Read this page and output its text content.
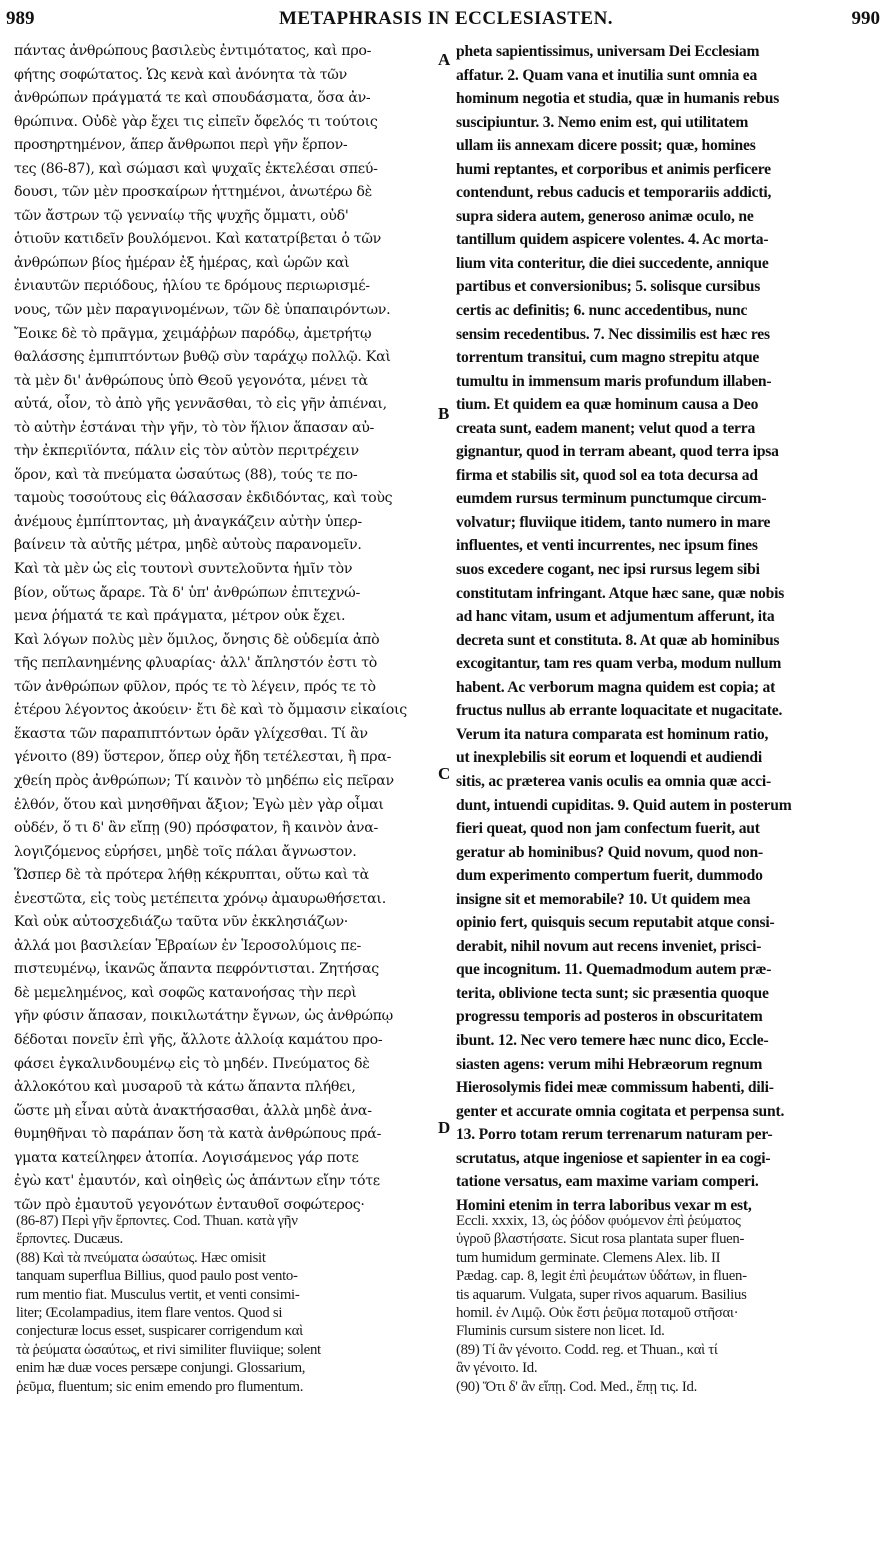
989	METAPHRASIS IN ECCLESIASTEN.	990
πάντας ἀνθρώπους βασιλεὺς ἐντιμότατος, καὶ προ-
φήτης σοφώτατος. Ὡς κενὰ καὶ ἀνόνητα τὰ τῶν
ἀνθρώπων πράγματά τε καὶ σπουδάσματα, ὅσα ἀν-
θρώπινα. Οὐδὲ γὰρ ἔχει τις εἰπεῖν ὄφελός τι τούτοις
προσηρτημένον, ἅπερ ἄνθρωποι περὶ γῆν ἕρπον-
τες (86-87), καὶ σώμασι καὶ ψυχαῖς ἐκτελέσαι σπεύ-
δουσι, τῶν μὲν προσκαίρων ἡττημένοι, ἀνωτέρω δὲ
τῶν ἄστρων τῷ γενναίῳ τῆς ψυχῆς ὄμματι, οὐδ'
ὁτιοῦν κατιδεῖν βουλόμενοι. Καὶ κατατρίβεται ὁ τῶν
ἀνθρώπων βίος ἡμέραν ἐξ ἡμέρας, καὶ ὡρῶν καὶ
ἐνιαυτῶν περιόδους, ἡλίου τε δρόμους περιωρισμέ-
νους, τῶν μὲν παραγινομένων, τῶν δὲ ὑπαπαιρόντων.
Ἔοικε δὲ τὸ πρᾶγμα, χειμάῤῥων παρόδῳ, ἀμετρήτῳ
θαλάσσης ἐμπιπτόντων βυθῷ σὺν ταράχῳ πολλῷ. Καὶ
τὰ μὲν δι' ἀνθρώπους ὑπὸ Θεοῦ γεγονότα, μένει τὰ
αὐτά, οἷον, τὸ ἀπὸ γῆς γεννᾶσθαι, τὸ εἰς γῆν ἀπιέναι,
τὸ αὐτὴν ἑστάναι τὴν γῆν, τὸ τὸν ἥλιον ἅπασαν αὐ-
τὴν ἐκπεριϊόντα, πάλιν εἰς τὸν αὐτὸν περιτρέχειν
ὅρον, καὶ τὰ πνεύματα ὡσαύτως (88), τούς τε πο-
ταμοὺς τοσούτους εἰς θάλασσαν ἐκδιδόντας, καὶ τοὺς
ἀνέμους ἐμπίπτοντας, μὴ ἀναγκάζειν αὐτὴν ὑπερ-
βαίνειν τὰ αὐτῆς μέτρα, μηδὲ αὐτοὺς παρανομεῖν.
Καὶ τὰ μὲν ὡς εἰς τουτονὶ συντελοῦντα ἡμῖν τὸν
βίον, οὕτως ἄραρε. Τὰ δ' ὑπ' ἀνθρώπων ἐπιτεχνώ-
μενα ῥήματά τε καὶ πράγματα, μέτρον οὐκ ἔχει.
Καὶ λόγων πολὺς μὲν ὅμιλος, ὄνησις δὲ οὐδεμία ἀπὸ
τῆς πεπλανημένης φλυαρίας· ἀλλ' ἄπληστόν ἐστι τὸ
τῶν ἀνθρώπων φῦλον, πρός τε τὸ λέγειν, πρός τε τὸ
ἑτέρου λέγοντος ἀκούειν· ἔτι δὲ καὶ τὸ ὄμμασιν εἰκαίοις
ἕκαστα τῶν παραπιπτόντων ὁρᾶν γλίχεσθαι. Τί ἂν
γένοιτο (89) ὕστερον, ὅπερ οὐχ ἤδη τετέλεσται, ἢ πρα-
χθείη πρὸς ἀνθρώπων; Τί καινὸν τὸ μηδέπω εἰς πεῖραν
ἐλθόν, ὅτου καὶ μνησθῆναι ἄξιον; Ἐγὼ μὲν γὰρ οἶμαι
οὐδέν, ὅ τι δ' ἂν εἴπῃ (90) πρόσφατον, ἢ καινὸν ἀνα-
λογιζόμενος εὑρήσει, μηδὲ τοῖς πάλαι ἄγνωστον.
Ὥσπερ δὲ τὰ πρότερα λήθῃ κέκρυπται, οὕτω καὶ τὰ
ἐνεστῶτα, εἰς τοὺς μετέπειτα χρόνῳ ἀμαυρωθήσεται.
Καὶ οὐκ αὐτοσχεδιάζω ταῦτα νῦν ἐκκλησιάζων·
ἀλλά μοι βασιλείαν Ἑβραίων ἐν Ἱεροσολύμοις πε-
πιστευμένῳ, ἱκανῶς ἅπαντα πεφρόντισται. Ζητήσας
δὲ μεμελημένος, καὶ σοφῶς κατανοήσας τὴν περὶ
γῆν φύσιν ἅπασαν, ποικιλωτάτην ἔγνων, ὡς ἀνθρώπῳ
δέδοται πονεῖν ἐπὶ γῆς, ἄλλοτε ἀλλοίᾳ καμάτου προ-
φάσει ἐγκαλινδουμένῳ εἰς τὸ μηδέν. Πνεύματος δὲ
ἀλλοκότου καὶ μυσαροῦ τὰ κάτω ἅπαντα πλήθει,
ὥστε μὴ εἶναι αὐτὰ ἀνακτήσασθαι, ἀλλὰ μηδὲ ἀνα-
θυμηθῆναι τὸ παράπαν ὅση τὰ κατὰ ἀνθρώπους πρά-
γματα κατείληφεν ἀτοπία. Λογισάμενος γάρ ποτε
ἐγὼ κατ' ἐμαυτόν, καὶ οἰηθεὶς ὡς ἁπάντων εἴην τότε
τῶν πρὸ ἐμαυτοῦ γεγονότων ἐνταυθοῖ σοφώτερος·
A
B
C
D
pheta sapientissimus, universam Dei Ecclesiam
affatur. 2. Quam vana et inutilia sunt omnia ea
hominum negotia et studia, quæ in humanis rebus
suscipiuntur. 3. Nemo enim est, qui utilitatem
ullam iis annexam dicere possit; quæ, homines
humi reptantes, et corporibus et animis perficere
contendunt, rebus caducis et temporariis addicti,
supra sidera autem, generoso animæ oculo, ne
tantillum quidem aspicere volentes. 4. Ac morta-
lium vita conteritur, die diei succedente, annique
partibus et conversionibus; 5. solisque cursibus
certis ac definitis; 6. nunc accedentibus, nunc
sensim recedentibus. 7. Nec dissimilis est hæc res
torrentum transitui, cum magno strepitu atque
tumultu in immensum maris profundum illaben-
tium. Et quidem ea quæ hominum causa a Deo
creata sunt, eadem manent; velut quod a terra
gignantur, quod in terram abeant, quod terra ipsa
firma et stabilis sit, quod sol ea tota decursa ad
eumdem rursus terminum punctumque circum-
volvatur; fluviique itidem, tanto numero in mare
influentes, et venti incurrentes, nec ipsum fines
suos excedere cogant, nec ipsi rursus legem sibi
constitutam infringant. Atque hæc sane, quæ nobis
ad hanc vitam, usum et adjumentum afferunt, ita
decreta sunt et constituta. 8. At quæ ab hominibus
excogitantur, tam res quam verba, modum nullum
habent. Ac verborum magna quidem est copia; at
fructus nullus ab errante loquacitate et nugacitate.
Verum ita natura comparata est hominum ratio,
ut inexplebilis sit eorum et loquendi et audiendi
sitis, ac præterea vanis oculis ea omnia quæ acci-
dunt, intuendi cupiditas. 9. Quid autem in posterum
fieri queat, quod non jam confectum fuerit, aut
geratur ab hominibus? Quid novum, quod non-
dum experimento compertum fuerit, dummodo
insigne sit et memorabile? 10. Ut quidem mea
opinio fert, quisquis secum reputabit atque consi-
derabit, nihil novum aut recens inveniet, prisci-
que incognitum. 11. Quemadmodum autem præ-
terita, oblivione tecta sunt; sic præsentia quoque
progressu temporis ad posteros in obscuritatem
ibunt. 12. Nec vero temere hæc nunc dico, Eccle-
siasten agens: verum mihi Hebræorum regnum
Hierosolymis fidei meæ commissum habenti, dili-
genter et accurate omnia cogitata et perpensa sunt.
13. Porro totam rerum terrenarum naturam per-
scrutatus, atque ingeniose et sapienter in ea cogi-
tatione versatus, eam maxime variam comperi.
Homini etenim in terra laboribus vexar m est,
(86-87) Περὶ γῆν ἕρποντες. Cod. Thuan. κατὰ γῆν
ἕρποντες. Ducæus.
(88) Καὶ τὰ πνεύματα ὡσαύτως. Hæc omisit
tanquam superflua Billius, quod paulo post vento-
rum mentio fiat. Musculus vertit, et venti consimi-
liter; Œcolampadius, item flare ventos. Quod si
conjecturæ locus esset, suspicarer corrigendum καὶ
τὰ ῥεύματα ὡσαύτως, et rivi similiter fluviique; solent
enim hæ duæ voces persæpe conjungi. Glossarium,
ῥεῦμα, fluentum; sic enim emendo pro flumentum.
Eccli. xxxix, 13, ὡς ῥόδον φυόμενον ἐπὶ ῥεύματος
ὑγροῦ βλαστήσατε. Sicut rosa plantata super fluen-
tum humidum germinate. Clemens Alex. lib. II
Pædag. cap. 8, legit ἐπὶ ῥευμάτων ὑδάτων, in fluen-
tis aquarum. Vulgata, super rivos aquarum. Basilius
homil. ἐν Λιμῷ. Οὐκ ἔστι ῥεῦμα ποταμοῦ στῆσαι·
Fluminis cursum sistere non licet. Id.
(89) Τί ἂν γένοιτο. Codd. reg. et Thuan., καὶ τί
ἂν γένοιτο. Id.
(90) Ὅτι δ' ἂν εἴπῃ. Cod. Med., ἔπῃ τις. Id.
